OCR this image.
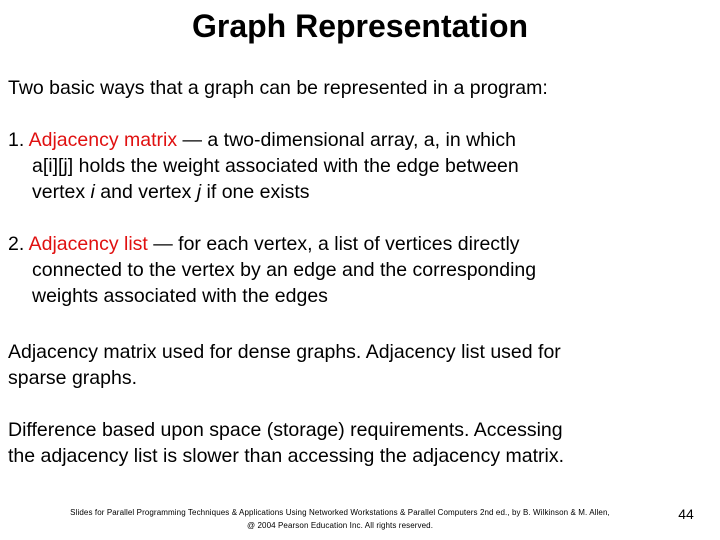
Graph Representation

Two basic ways that a graph can be represented in a program:

1. Adjacency matrix — a two-dimensional array, a, in which
a[i][j] holds the weight associated with the edge between
vertex i and vertex j if one exists
2. Adjacency list — for each vertex, a list of vertices directly
connected to the vertex by an edge and the corresponding
weights associated with the edges
Adjacency matrix used for dense graphs. Adjacency list used for
sparse graphs.
Difference based upon space (storage) requirements. Accessing
the adjacency list is slower than accessing the adjacency matrix.
Slides for Parallel Programming Techniques & Applications Using Networked Workstations & Parallel Computers 2nd ed., by B. Wilkinson & M. Allen,
@ 2004 Pearson Education Inc. All rights reserved.
44
